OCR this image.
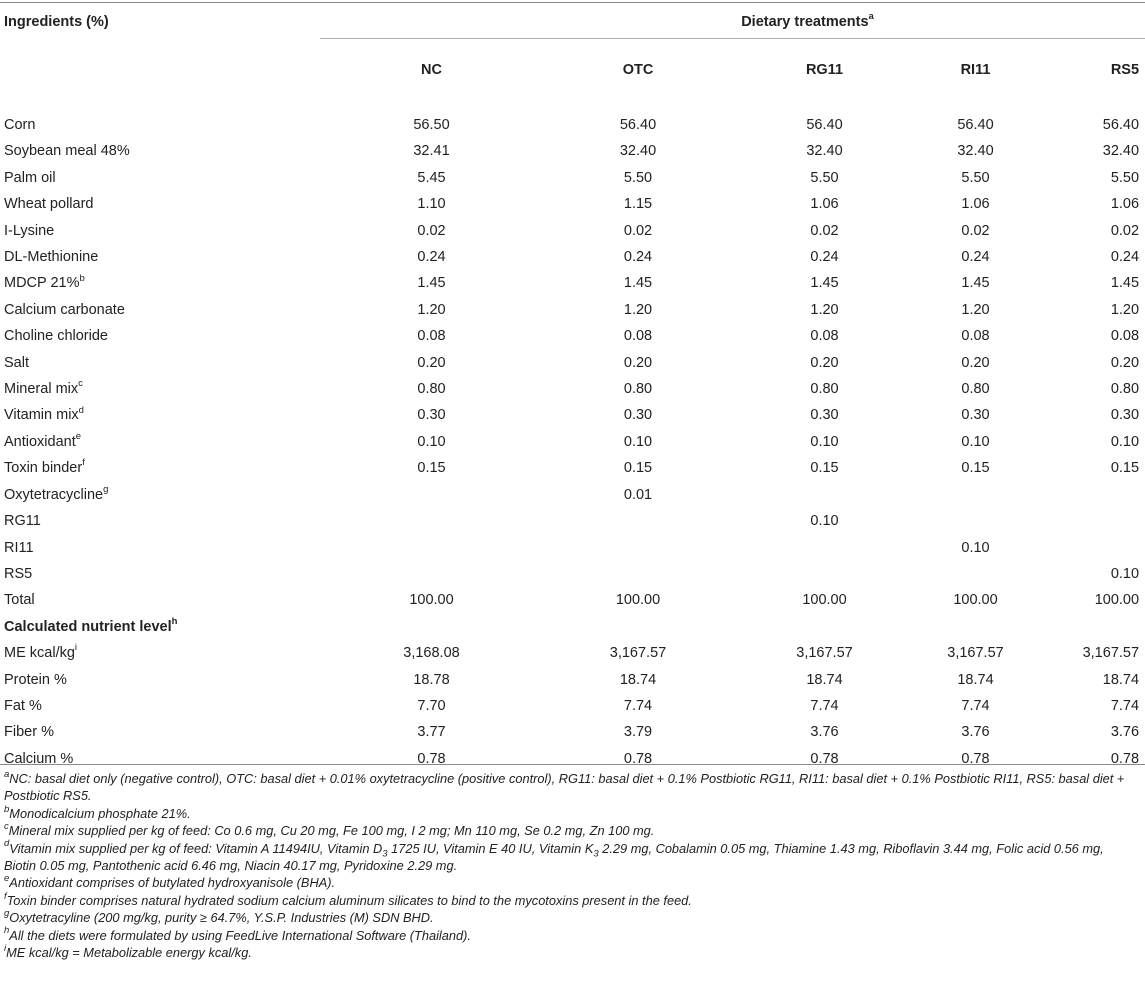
Ingredients (%)	Dietary treatments$^a$
	NC	OTC	RG11	RI11	RS5
Corn	56.50	56.40	56.40	56.40	56.40
Soybean meal 48%	32.41	32.40	32.40	32.40	32.40
Palm oil	5.45	5.50	5.50	5.50	5.50
Wheat pollard	1.10	1.15	1.06	1.06	1.06
I-Lysine	0.02	0.02	0.02	0.02	0.02
DL-Methionine	0.24	0.24	0.24	0.24	0.24
MDCP 21%$^b$	1.45	1.45	1.45	1.45	1.45
Calcium carbonate	1.20	1.20	1.20	1.20	1.20
Choline chloride	0.08	0.08	0.08	0.08	0.08
Salt	0.20	0.20	0.20	0.20	0.20
Mineral mix$^c$	0.80	0.80	0.80	0.80	0.80
Vitamin mix$^d$	0.30	0.30	0.30	0.30	0.30
Antioxidant$^e$	0.10	0.10	0.10	0.10	0.10
Toxin binder$^f$	0.15	0.15	0.15	0.15	0.15
Oxytetracycline$^g$		0.01			
RG11			0.10		
RI11				0.10	
RS5					0.10
Total	100.00	100.00	100.00	100.00	100.00
Calculated nutrient level$^h$					
ME kcal/$kg^i$	3,168.08	3,167.57	3,167.57	3,167.57	3,167.57
Protein %	18.78	18.74	18.74	18.74	18.74
Fat %	7.70	7.74	7.74	7.74	7.74
Fiber %	3.77	3.79	3.76	3.76	3.76
Calcium %	0.78	0.78	0.78	0.78	0.78

$^a$NC: basal diet only (negative control), OTC: basal diet + 0.01% oxytetracycline (positive control), RG11: basal diet + 0.1% Postbiotic RG11, RI11: basal diet + 0.1% Postbiotic RI11, RS5: basal diet + Postbiotic RS5.

$^b$Monodicalcium phosphate 21%.

$^c$Mineral mix supplied per kg of feed: Co 0.6 mg, Cu 20 mg, Fe 100 mg, I 2 mg; Mn 110 mg, Se 0.2 mg, Zn 100 mg.

$^d$Vitamin mix supplied per kg of feed: Vitamin A 11494IU, Vitamin $D_3$ 1725 IU, Vitamin E 40 IU, Vitamin $K_3$ 2.29 mg, Cobalamin 0.05 mg, Thiamine 1.43 mg, Riboflavin 3.44 mg, Folic acid 0.56 mg, Biotin 0.05 mg, Pantothenic acid 6.46 mg, Niacin 40.17 mg, Pyridoxine 2.29 mg.

$^e$Antioxidant comprises of butylated hydroxyanisole (BHA).

$^f$Toxin binder comprises natural hydrated sodium calcium aluminum silicates to bind to the mycotoxins present in the feed.

$^g$Oxytetracyline (200 mg/kg, purity ≥ 64.7%, Y.S.P. Industries (M) SDN BHD.

$^h$All the diets were formulated by using FeedLive International Software (Thailand).

$^i$ME kcal/kg = Metabolizable energy kcal/kg.
